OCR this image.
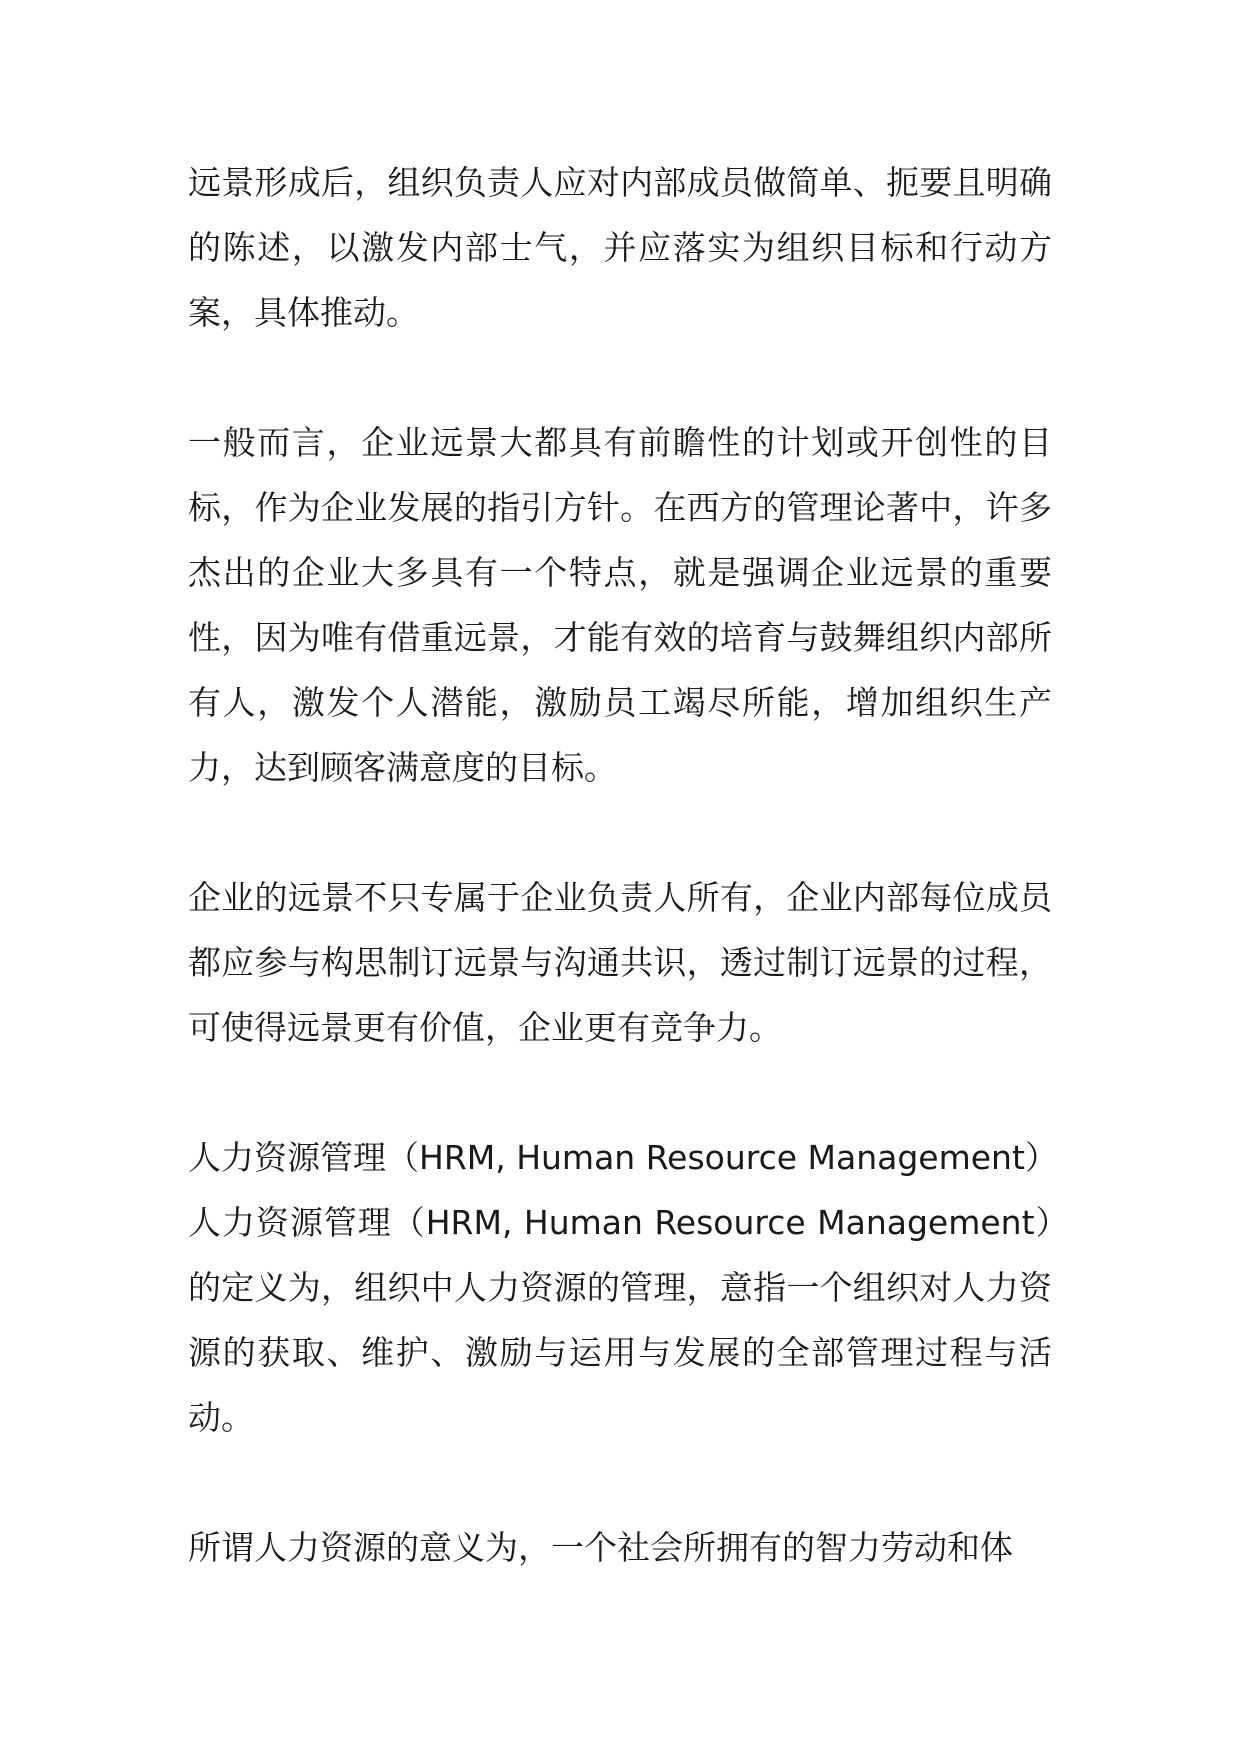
远景形成后，组织负责人应对内部成员做简单、扼要且明确的陈述，以激发内部士气，并应落实为组织目标和行动方案，具体推动。

一般而言，企业远景大都具有前瞻性的计划或开创性的目标，作为企业发展的指引方针。在西方的管理论著中，许多杰出的企业大多具有一个特点，就是强调企业远景的重要性，因为唯有借重远景，才能有效的培育与鼓舞组织内部所有人，激发个人潜能，激励员工竭尽所能，增加组织生产力，达到顾客满意度的目标。

企业的远景不只专属于企业负责人所有，企业内部每位成员都应参与构思制订远景与沟通共识，透过制订远景的过程，可使得远景更有价值，企业更有竞争力。

人力资源管理（HRM, Human Resource Management）

人力资源管理（HRM, Human Resource Management）的定义为，组织中人力资源的管理，意指一个组织对人力资源的获取、维护、激励与运用与发展的全部管理过程与活动。

所谓人力资源的意义为，一个社会所拥有的智力劳动和体
